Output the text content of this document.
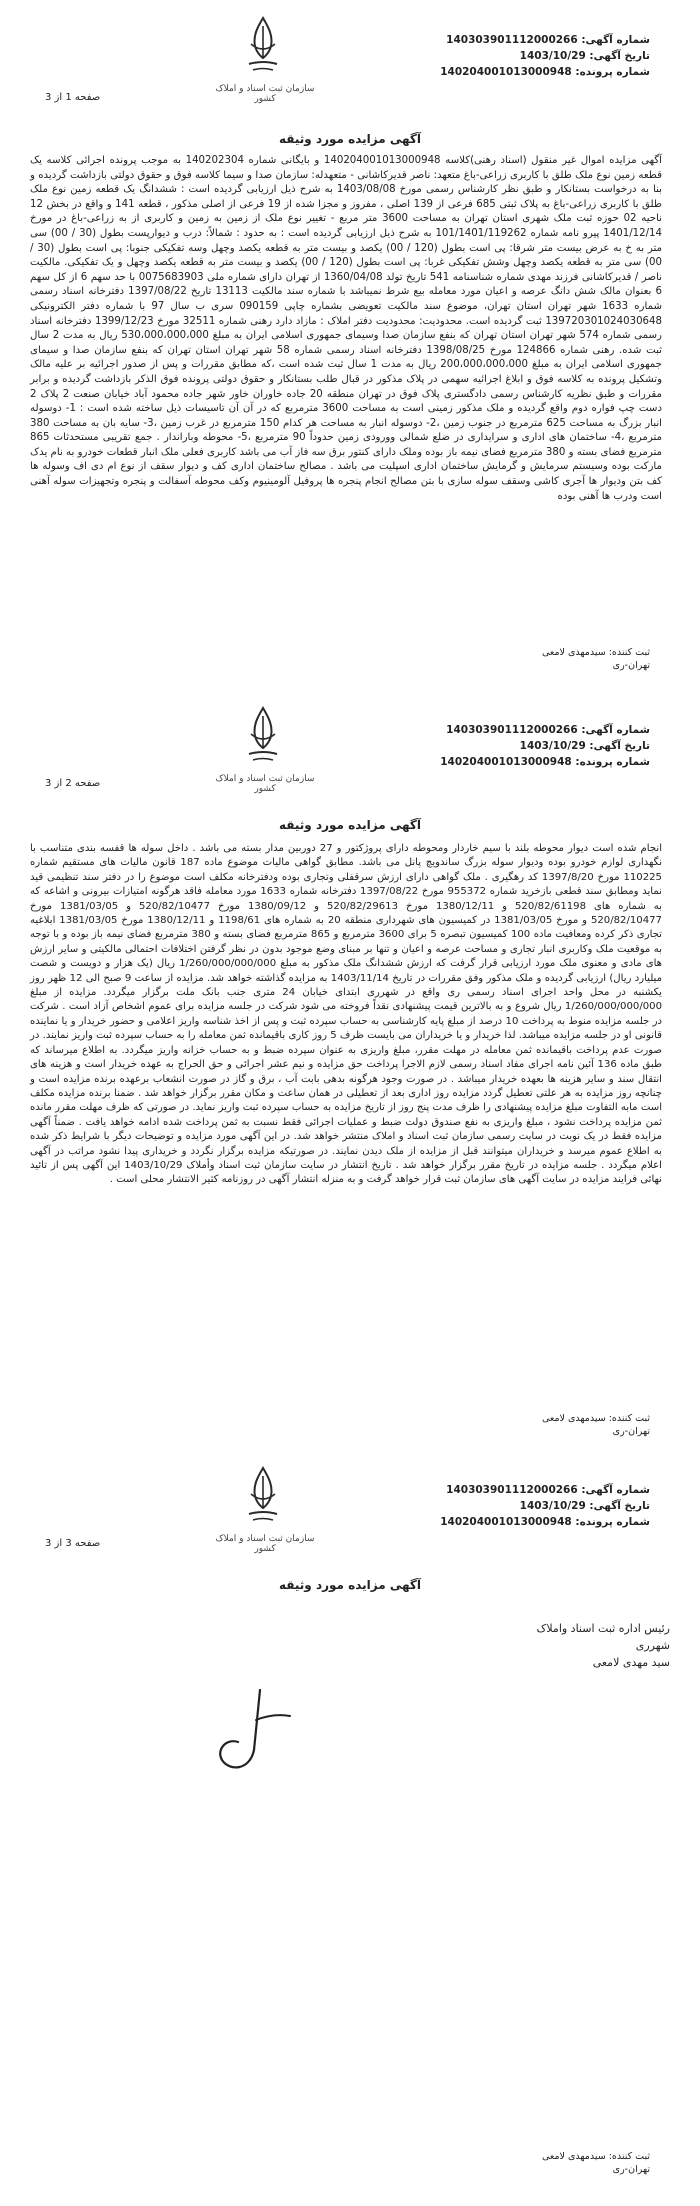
سازمان ثبت اسناد و املاک کشور
شماره آگهی: 140303901112000266
تاریخ آگهی: 1403/10/29
شماره پرونده: 140204001013000948
صفحه 1 از 3
آگهی مزایده مورد وثیقه
آگهی مزایده اموال غیر منقول (اسناد رهنی)کلاسه 140204001013000948 و بایگانی شماره 140202304 به موجب پرونده اجرائی کلاسه یک قطعه زمین نوع ملک طلق با کاربری زراعی-باغ متعهد: ناصر قدیرکاشانی - متعهدله: سازمان صدا و سیما کلاسه فوق و حقوق دولتی بازداشت گردیده و بنا به درخواست بستانکار و طبق نظر کارشناس رسمی مورخ 1403/08/08 به شرح ذیل ارزیابی گردیده است : ششدانگ یک قطعه زمین نوع ملک طلق با کاربری زراعی-باغ به پلاک ثبتی 685 فرعی از 139 اصلی ، مفروز و مجزا شده از 19 فرعی از اصلی مذکور ، قطعه 141 و واقع در بخش 12 ناحیه 02 حوزه ثبت ملک شهری استان تهران به مساحت 3600 متر مربع - تغییر نوع ملک از زمین به زمین و کاربری از به زراعی-باغ در مورخ 1401/12/14 پیرو نامه شماره 101/1401/119262 به شرح ذیل ارزیابی گردیده است : به حدود : شمالاً: درب و دیوارپست بطول (30 / 00) سی متر به خ به عرض بیست متر شرقا: پی است بطول (120 / 00) یکصد و بیست متر به قطعه یکصد وچهل وسه تفکیکی جنوبا: پی است بطول (30 / 00) سی متر به قطعه یکصد وچهل وشش تفکیکی غربا: پی است بطول (120 / 00) یکصد و بیست متر به قطعه یکصد وچهل و یک تفکیکی. مالکیت ناصر / قدیرکاشانی فرزند مهدی شماره شناسنامه 541 تاریخ تولد 1360/04/08 از تهران دارای شماره ملی 0075683903 با حد سهم 6 از کل سهم 6 بعنوان مالک شش دانگ عرصه و اعیان مورد معامله بیع شرط نمیباشد با شماره سند مالکیت 13113 تاریخ 1397/08/22 دفترخانه اسناد رسمی شماره 1633 شهر تهران استان تهران، موضوع سند مالکیت تعویضی بشماره چاپی 090159 سری ب سال 97 با شماره دفتر الکترونیکی 139720301024030648 ثبت گردیده است. محدودیت: محدودیت دفتر املاک : مازاد دارد رهنی شماره 32511 مورخ 1399/12/23 دفترخانه اسناد رسمی شماره 574 شهر تهران استان تهران که بنفع سازمان صدا وسیمای جمهوری اسلامی ایران به مبلغ 530،000،000،000 ریال به مدت 2 سال ثبت شده. رهنی شماره 124866 مورخ 1398/08/25 دفترخانه اسناد رسمی شماره 58 شهر تهران استان تهران که بنفع سازمان صدا و سیمای جمهوری اسلامی ایران به مبلغ 200،000،000،000 ریال به مدت 1 سال ثبت شده است ،که مطابق مقررات و پس از صدور اجرائیه بر علیه مالک وتشکیل پرونده به کلاسه فوق و ابلاغ اجرائیه سهمی در پلاک مذکور در قبال طلب بستانکار و حقوق دولتی پرونده فوق الذکر بازداشت گردیده و برابر مقررات و طبق نظریه کارشناس رسمی دادگستری پلاک فوق در تهران منطقه 20 جاده خاوران خاور شهر جاده محمود آباد خیابان صنعت 2 پلاک 2 دست چپ فواره دوم واقع گردیده و ملک مذکور زمینی است به مساحت 3600 مترمربع که در آن آن تاسیسات ذیل ساخته شده است : 1- دوسوله انبار بزرگ به مساحت 625 مترمربع در جنوب زمین ،2- دوسوله انبار به مساحت هر کدام 150 مترمربع در غرب زمین ،3- سایه بان به مساحت 380 مترمربع ،4- ساختمان های اداری و سرایداری در ضلع شمالی وورودی زمین حدوداً 90 مترمربع ،5- محوطه وباراندار . جمع تقریبی مستحدثات 865 مترمربع فضای بسته و 380 مترمربع فضای نیمه باز بوده وملک دارای کنتور برق سه فاز آب می باشد کاربری فعلی ملک انبار قطعات خودرو به نام یدک مارکت بوده وسیستم سرمایش و گرمایش ساختمان اداری اسپلیت می باشد . مصالح ساختمان اداری کف و دیوار سقف از نوع ام دی اف وسوله ها کف بتن ودیوار ها آجری کاشی وسقف سوله سازی با بتن مصالح انجام پنجره ها پروفیل آلومینیوم وکف محوطه آسفالت و پنجره وتجهیزات سوله آهنی است ودرب ها آهنی بوده
ثبت کننده: سیدمهدی لامعی
تهران-ری
سازمان ثبت اسناد و املاک کشور
شماره آگهی: 140303901112000266
تاریخ آگهی: 1403/10/29
شماره پرونده: 140204001013000948
صفحه 2 از 3
آگهی مزایده مورد وثیقه
انجام شده است دیوار محوطه بلند با سیم خاردار ومحوطه دارای پروژکتور و 27 دوربین مدار بسته می باشد . داخل سوله ها قفسه بندی متناسب با نگهداری لوازم خودرو بوده ودیوار سوله بزرگ ساندویچ پانل می باشد. مطابق گواهی مالیات موضوع ماده 187 قانون مالیات های مستقیم شماره 110225 مورخ 1397/8/20 کد رهگیری . ملک گواهی دارای ارزش سرقفلی وتجاری بوده ودفترخانه مکلف است موضوع را در دفتر سند تنظیمی قید نماید ومطابق سند قطعی بازخرید شماره 955372 مورخ 1397/08/22 دفترخانه شماره 1633 مورد معامله فاقد هرگونه امتیازات بیرونی و اشاعه که به شماره های 520/82/61198 و 1380/12/11 مورخ 520/82/29613 و 1380/09/12 مورخ 520/82/10477 و 1381/03/05 مورخ 520/82/10477 و مورخ 1381/03/05 در کمیسیون های شهرداری منطقه 20 به شماره های 1198/61 و 1380/12/11 مورخ 1381/03/05 ابلاغیه تجاری ذکر کرده ومعافیت ماده 100 کمیسیون تبصره 5 برای 3600 مترمربع و 865 مترمربع فضای بسته و 380 مترمربع فضای نیمه باز بوده و با توجه به موقعیت ملک وکاربری انبار تجاری و مساحت عرصه و اعیان و تنها بر مبنای وضع موجود بدون در نظر گرفتن اختلافات احتمالی مالکیتی و سایر ارزش های مادی و معنوی ملک مورد ارزیابی قرار گرفت که ارزش ششدانگ ملک مذکور به مبلغ 1/260/000/000/000 ریال (یک هزار و دویست و شصت میلیارد ریال) ارزیابی گردیده و ملک مذکور وفق مقررات در تاریخ 1403/11/14 به مزایده گذاشته خواهد شد. مزایده از ساعت 9 صبح الی 12 ظهر روز یکشنبه در محل واحد اجرای اسناد رسمی ری واقع در شهرری ابتدای خیابان 24 متری جنب بانک ملت برگزار میگردد. مزایده از مبلغ 1/260/000/000/000 ریال شروع و به بالاترین قیمت پیشنهادی نقداً فروخته می شود شرکت در جلسه مزایده برای عموم اشخاص آزاد است . شرکت در جلسه مزایده منوط به پرداخت 10 درصد از مبلغ پایه کارشناسی به حساب سپرده ثبت و پس از اخذ شناسه واریز اعلامی و حضور خریدار و یا نماینده قانونی او در جلسه مزایده میباشد. لذا خریدار و یا خریداران می بایست ظرف 5 روز کاری باقیمانده ثمن معامله را به حساب سپرده ثبت واریز نمایند. در صورت عدم پرداخت باقیمانده ثمن معامله در مهلت مقرر، مبلغ واریزی به عنوان سپرده ضبط و به حساب خزانه واریز میگردد. به اطلاع میرساند که طبق ماده 136 آئین نامه اجرای مفاد اسناد رسمی لازم الاجرا پرداخت حق مزایده و نیم عشر اجرائی و حق الحراج به عهده خریدار است و هزینه های انتقال سند و سایر هزینه ها بعهده خریدار میباشد . در صورت وجود هرگونه بدهی بابت آب ، برق و گاز در صورت انشعاب برعهده برنده مزایده است و چنانچه روز مزایده به هر علتی تعطیل گردد مزایده روز اداری بعد از تعطیلی در همان ساعت و مکان مقرر برگزار خواهد شد . ضمنا برنده مزایده مکلف است مابه التفاوت مبلغ مزایده پیشنهادی را ظرف مدت پنج روز از تاریخ مزایده به حساب سپرده ثبت واریز نماید. در صورتی که ظرف مهلت مقرر مانده ثمن مزایده پرداخت نشود ، مبلغ واریزی به نفع صندوق دولت ضبط و عملیات اجرائی فقط نسبت به ثمن پرداخت شده ادامه خواهد یافت . ضمناً آگهی مزایده فقط در یک نوبت در سایت رسمی سازمان ثبت اسناد و املاک منتشر خواهد شد. در این آگهی مورد مزایده و توضیحات دیگر با شرایط ذکر شده به اطلاع عموم میرسد و خریداران میتوانند قبل از مزایده از ملک دیدن نمایند. در صورتیکه مزایده برگزار نگردد و خریداری پیدا نشود مراتب در آگهی اعلام میگردد . جلسه مزایده در تاریخ مقرر برگزار خواهد شد . تاریخ انتشار در سایت سازمان ثبت اسناد وأملاک 1403/10/29 این آگهی پس از تائید نهائی فرایند مزایده در سایت آگهی های سازمان ثبت قرار خواهد گرفت و به منزله انتشار آگهی در روزنامه کثیر الانتشار محلی است .
ثبت کننده: سیدمهدی لامعی
تهران-ری
سازمان ثبت اسناد و املاک کشور
شماره آگهی: 140303901112000266
تاریخ آگهی: 1403/10/29
شماره پرونده: 140204001013000948
صفحه 3 از 3
آگهی مزایده مورد وثیقه
رئیس اداره ثبت اسناد واملاک
شهرری
سید مهدی لامعی
ثبت کننده: سیدمهدی لامعی
تهران-ری
